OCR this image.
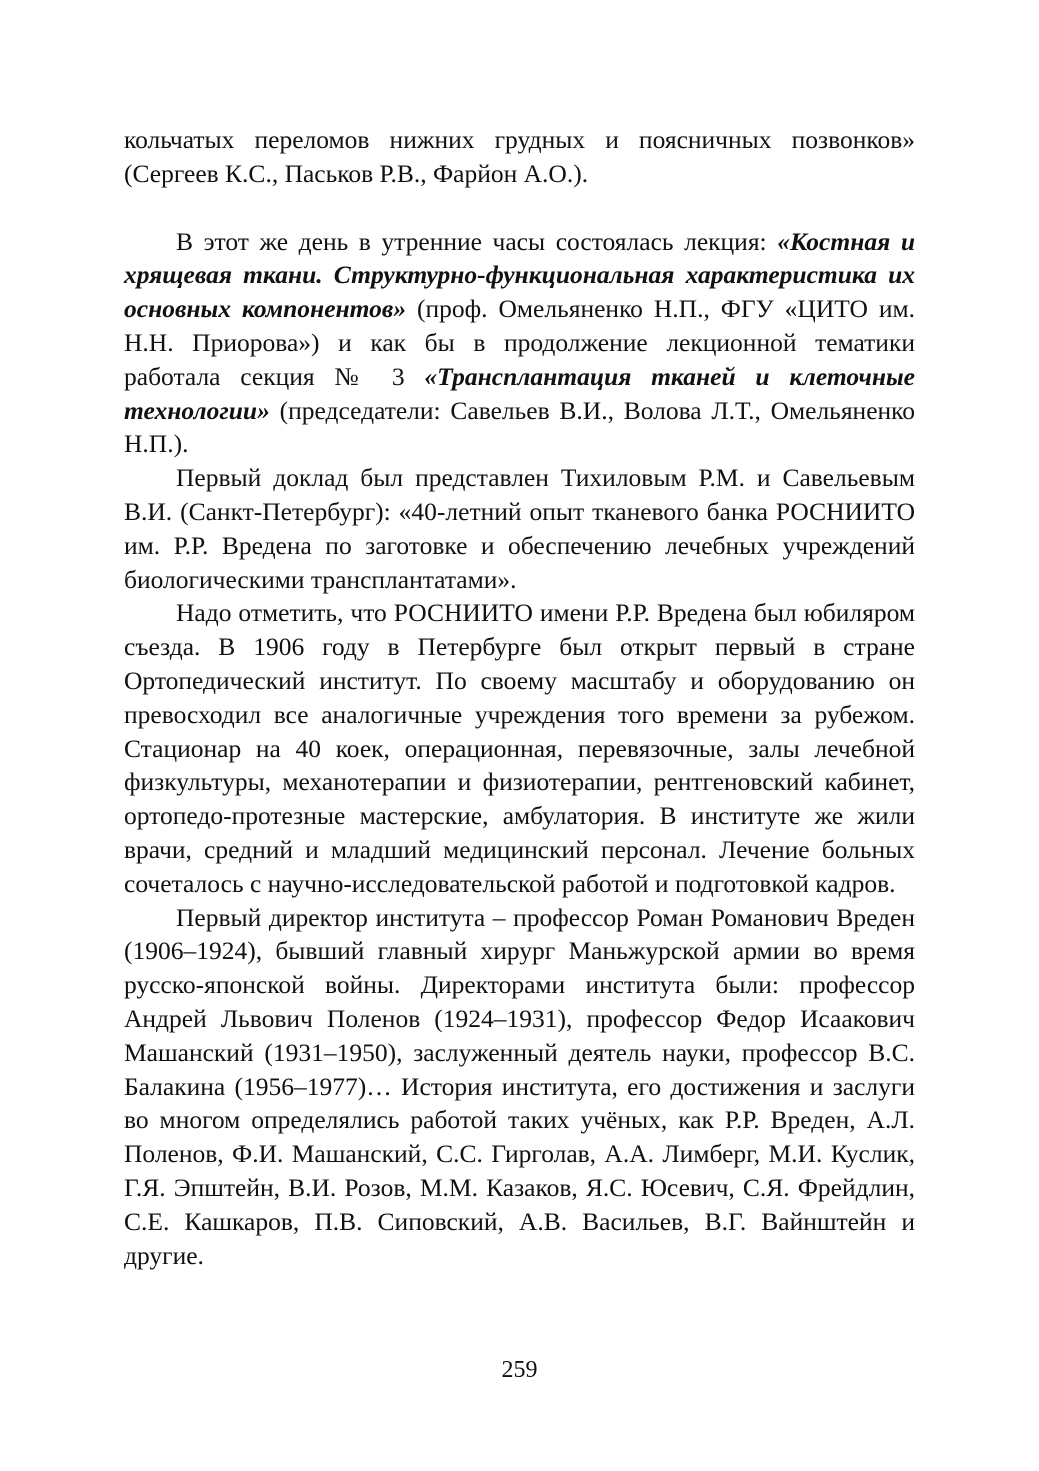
кольчатых переломов нижних грудных и поясничных позвонков» (Сергеев К.С., Паськов Р.В., Фарйон А.О.).

В этот же день в утренние часы состоялась лекция: «Костная и хрящевая ткани. Структурно-функциональная характеристика их основных компонентов» (проф. Омельяненко Н.П., ФГУ «ЦИТО им. Н.Н. Приорова») и как бы в продолжение лекционной тематики работала секция № 3 «Трансплантация тканей и клеточные технологии» (председатели: Савельев В.И., Волова Л.Т., Омельяненко Н.П.).

Первый доклад был представлен Тихиловым Р.М. и Савельевым В.И. (Санкт-Петербург): «40-летний опыт тканевого банка РОСНИИТО им. Р.Р. Вредена по заготовке и обеспечению лечебных учреждений биологическими трансплантатами».

Надо отметить, что РОСНИИТО имени Р.Р. Вредена был юбиляром съезда. В 1906 году в Петербурге был открыт первый в стране Ортопедический институт. По своему масштабу и оборудованию он превосходил все аналогичные учреждения того времени за рубежом. Стационар на 40 коек, операционная, перевязочные, залы лечебной физкультуры, механотерапии и физиотерапии, рентгеновский кабинет, ортопедо-протезные мастерские, амбулатория. В институте же жили врачи, средний и младший медицинский персонал. Лечение больных сочеталось с научно-исследовательской работой и подготовкой кадров.

Первый директор института – профессор Роман Романович Вреден (1906–1924), бывший главный хирург Маньжурской армии во время русско-японской войны. Директорами института были: профессор Андрей Львович Поленов (1924–1931), профессор Федор Исаакович Машанский (1931–1950), заслуженный деятель науки, профессор В.С. Балакина (1956–1977)… История института, его достижения и заслуги во многом определялись работой таких учёных, как Р.Р. Вреден, А.Л. Поленов, Ф.И. Машанский, С.С. Гирголав, А.А. Лимберг, М.И. Куслик, Г.Я. Эпштейн, В.И. Розов, М.М. Казаков, Я.С. Юсевич, С.Я. Фрейдлин, С.Е. Кашкаров, П.В. Сиповский, А.В. Васильев, В.Г. Вайнштейн и другие.

259
